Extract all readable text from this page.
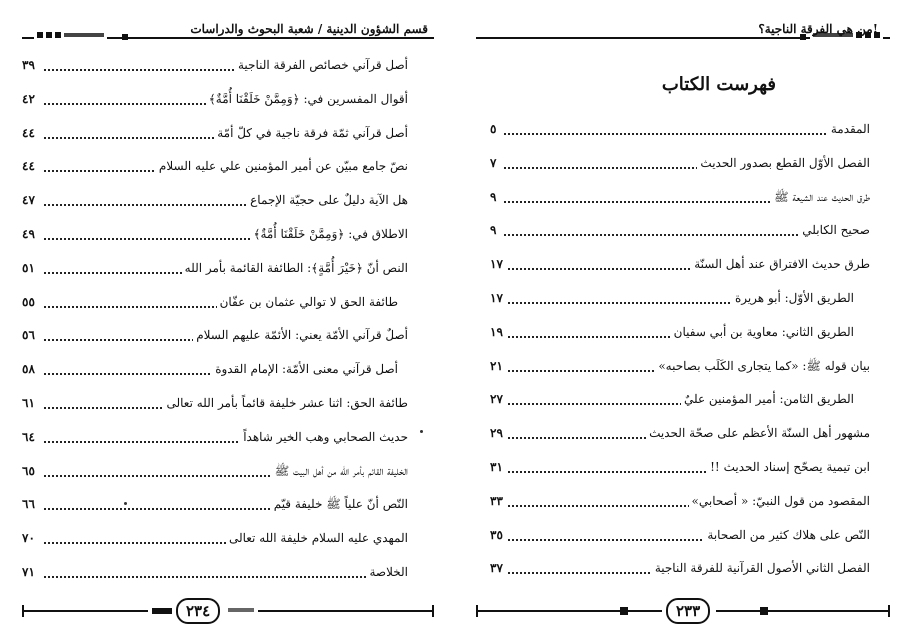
قسم الشؤون الدينية / شعبة البحوث والدراسات
أصل قرآني خصائص الفرقة الناجية
٣٩
أقوال المفسرين في: ﴿وَمِمَّنْ خَلَقْنَا أُمَّةٌ﴾
٤٢
أصل قرآني ثمّة فرقة ناجية في كلّ أمّة
٤٤
نصّ جامع مبيّن عن أمير المؤمنين علي عليه السلام
٤٤
هل الآية دليلٌ على حجيّة الإجماع
٤٧
الاطلاق في: ﴿وَمِمَّنْ خَلَقْنَا أُمَّةٌ﴾
٤٩
النص أنّ ﴿خَيْرَ أُمَّةٍ﴾: الطائفة القائمة بأمر الله
٥١
طائفة الحق لا توالي عثمان بن عفّان
٥٥
أصلٌ قرآني الأمّة يعني: الأئمّة عليهم السلام
٥٦
أصل قرآني معنى الأمّة: الإمام القدوة
٥٨
طائفة الحق: اثنا عشر خليفة قائماً بأمر الله تعالى
٦١
حديث الصحابي وهب الخير شاهداً
٦٤
الخليفة القائم بأمر الله من أهل البيت ﷺ
٦٥
النّص أنّ علياً ﷺ خليفة قيّم
٦٦
المهدي عليه السلام خليفة الله تعالى
٧٠
الخلاصة
٧١
٢٣٤
من هي الفرقة الناجية؟!
فهرست الكتاب
المقدمة
٥
الفصل الأوّل القطع بصدور الحديث
٧
طرق الحديث عند الشيعة ﷺ
٩
صحيح الكابلي
٩
طرق حديث الافتراق عند أهل السنّة
١٧
الطريق الأوّل: أبو هريرة
١٧
الطريق الثاني: معاوية بن أبي سفيان
١٩
بيان قوله ﷺ: «كما يتجارى الكَلَب بصاحبه»
٢١
الطريق الثامن: أمير المؤمنين عليٌ
٢٧
مشهور أهل السنّة الأعظم على صحّة الحديث
٢٩
ابن تيمية يصحّح إسناد الحديث !!
٣١
المقصود من قول النبيّ: « أصحابي»
٣٣
النّص على هلاك كثير من الصحابة
٣٥
الفصل الثاني الأصول القرآنية للفرقة الناجية
٣٧
٢٣٣
